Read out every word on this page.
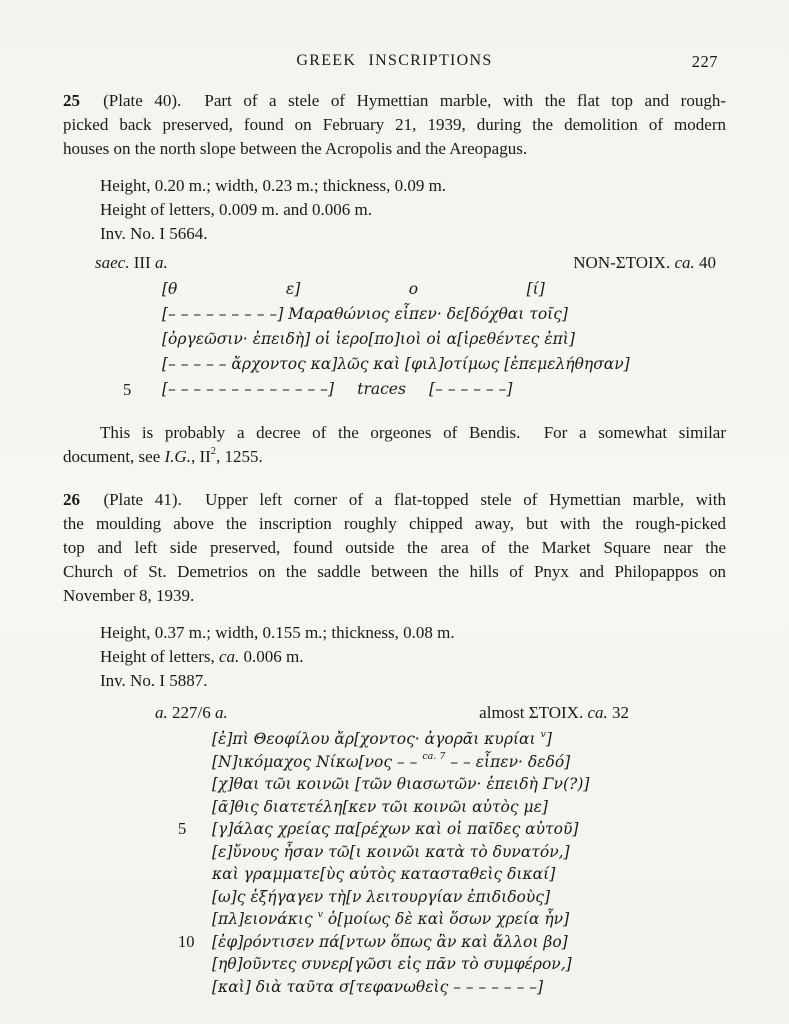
GREEK INSCRIPTIONS	227
25  (Plate 40).  Part of a stele of Hymettian marble, with the flat top and rough-
picked back preserved, found on February 21, 1939, during the demolition of modern
houses on the north slope between the Acropolis and the Areopagus.
Height, 0.20 m.; width, 0.23 m.; thickness, 0.09 m.
Height of letters, 0.009 m. and 0.006 m.
Inv. No. I 5664.
saec. III a.	NON-ΣTOIX. ca. 40
[θ       ε]       ο       [ί]
[– – – – – – – – –] Μαραθώνιος εἶπεν· δε[δόχθαι τοῖς]
[ὀργεῶσιν· ἐπειδὴ] οἱ ἱερο[πο]ιοὶ οἱ α[ἱρεθέντες ἐπὶ]
[– – – – – ἄρχοντος κα]λῶς καὶ [φιλ]οτίμως [ἐπεμελήθησαν]
5	[– – – – – – – – – – – – –]   traces   [– – – – – –]
This is probably a decree of the orgeones of Bendis.  For a somewhat similar
document, see I.G., $II^2$, 1255.
26  (Plate 41).  Upper left corner of a flat-topped stele of Hymettian marble, with
the moulding above the inscription roughly chipped away, but with the rough-picked
top and left side preserved, found outside the area of the Market Square near the
Church of St. Demetrios on the saddle between the hills of Pnyx and Philopappos on
November 8, 1939.
Height, 0.37 m.; width, 0.155 m.; thickness, 0.08 m.
Height of letters, ca. 0.006 m.
Inv. No. I 5887.
a. 227/6 a.	almost ΣTOIX. ca. 32
[ἐ]πὶ Θεοφίλου ἄρ[χοντος· ἀγορᾶι κυρίαι $^v$]
[Ν]ικόμαχος Νίκω[νος – – $^{ca. 7}$ – – εἶπεν· δεδό]
[χ]θαι τῶι κοινῶι [τῶν θιασωτῶν· ἐπειδὴ Γν(?)]
[ᾶ]θις διατετέλη[κεν τῶι κοινῶι αὐτὸς με]
5	[γ]άλας χρείας πα[ρέχων καὶ οἱ παῖδες αὐτοῦ]
[ε]ὔνους ἦσαν τῶ[ι κοινῶι κατὰ τὸ δυνατόν,]
καὶ γραμματε[ὺς αὐτὸς κατασταθεὶς δικαί]
[ω]ς ἐξήγαγεν τὴ[ν λειτουργίαν ἐπιδιδοὺς]
[πλ]ειονάκις $^v$ ὁ[μοίως δὲ καὶ ὅσων χρεία ἦν]
10	[ἐφ]ρόντισεν πά[ντων ὅπως ἂν καὶ ἄλλοι βο]
[ηθ]οῦντες συνερ[γῶσι εἰς πᾶν τὸ συμφέρον,]
[καὶ] διὰ ταῦτα σ[τεφανωθεὶς – – – – – – –]
